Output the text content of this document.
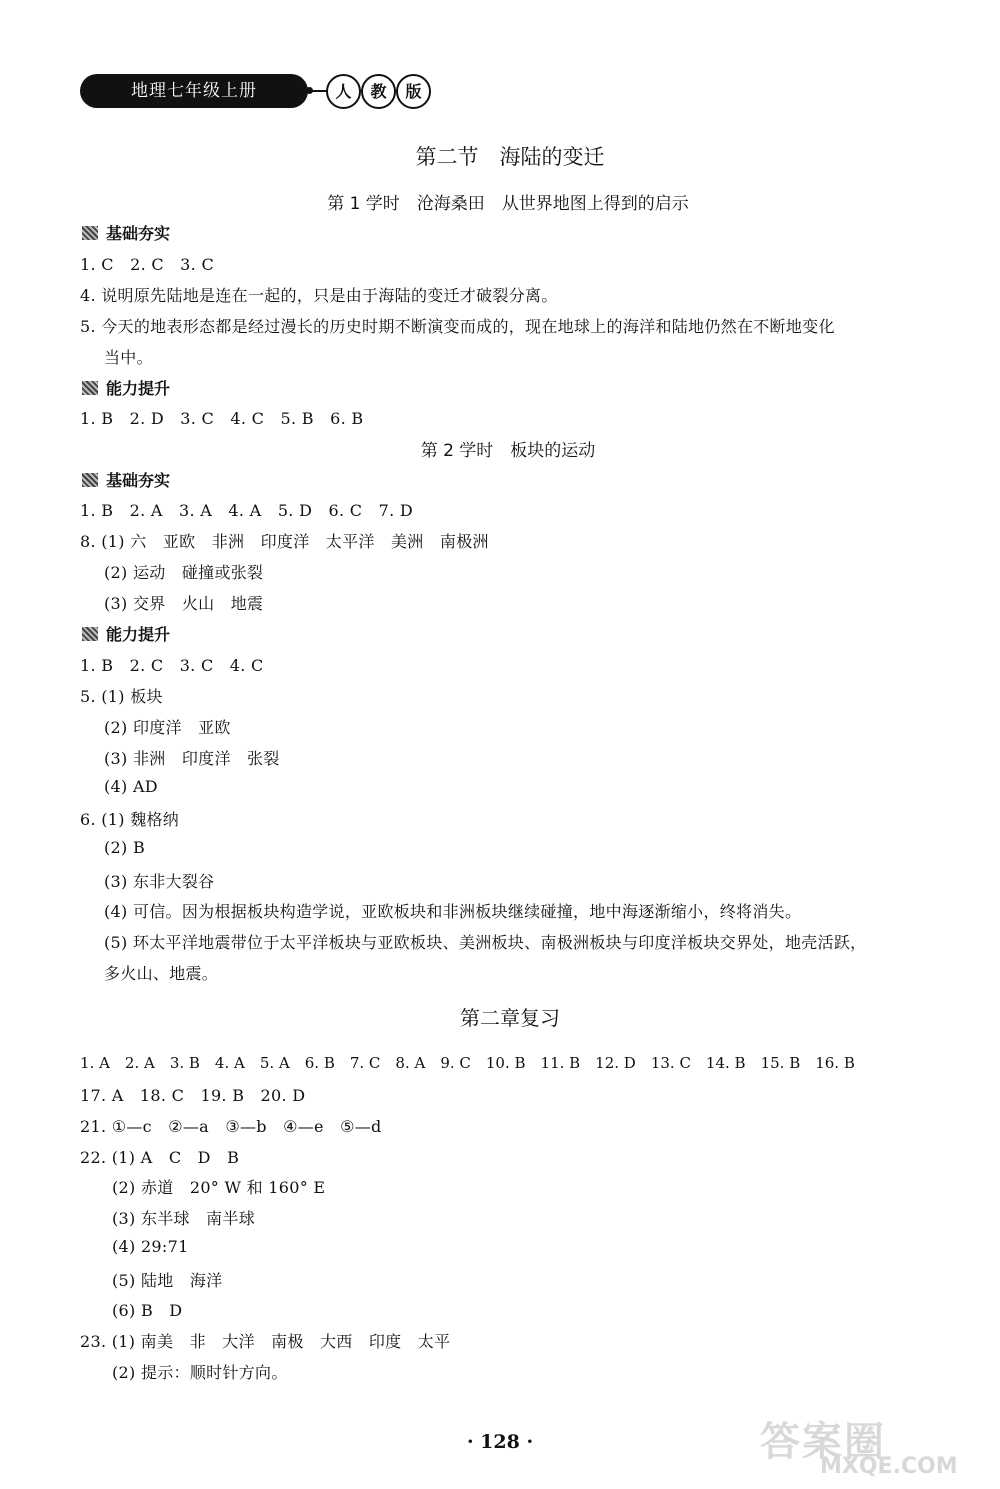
地理七年级上册	人	教	版
第二节　海陆的变迁
第 1 学时　沧海桑田　从世界地图上得到的启示
基础夯实
1. C　2. C　3. C
4. 说明原先陆地是连在一起的，只是由于海陆的变迁才破裂分离。
5. 今天的地表形态都是经过漫长的历史时期不断演变而成的，现在地球上的海洋和陆地仍然在不断地变化
当中。
能力提升
1. B　2. D　3. C　4. C　5. B　6. B
第 2 学时　板块的运动
基础夯实
1. B　2. A　3. A　4. A　5. D　6. C　7. D
8. (1) 六　亚欧　非洲　印度洋　太平洋　美洲　南极洲
(2) 运动　碰撞或张裂
(3) 交界　火山　地震
能力提升
1. B　2. C　3. C　4. C
5. (1) 板块
(2) 印度洋　亚欧
(3) 非洲　印度洋　张裂
(4) AD
6. (1) 魏格纳
(2) B
(3) 东非大裂谷
(4) 可信。因为根据板块构造学说，亚欧板块和非洲板块继续碰撞，地中海逐渐缩小，终将消失。
(5) 环太平洋地震带位于太平洋板块与亚欧板块、美洲板块、南极洲板块与印度洋板块交界处，地壳活跃，
多火山、地震。
第二章复习
1. A　2. A　3. B　4. A　5. A　6. B　7. C　8. A　9. C　10. B　11. B　12. D　13. C　14. B　15. B　16. B
17. A　18. C　19. B　20. D
21. ①—c　②—a　③—b　④—e　⑤—d
22. (1) A　C　D　B
(2) 赤道　20° W 和 160° E
(3) 东半球　南半球
(4) 29:71
(5) 陆地　海洋
(6) B　D
23. (1) 南美　非　大洋　南极　大西　印度　太平
(2) 提示：顺时针方向。
· 128 ·	答案圈
MXQE.COM
